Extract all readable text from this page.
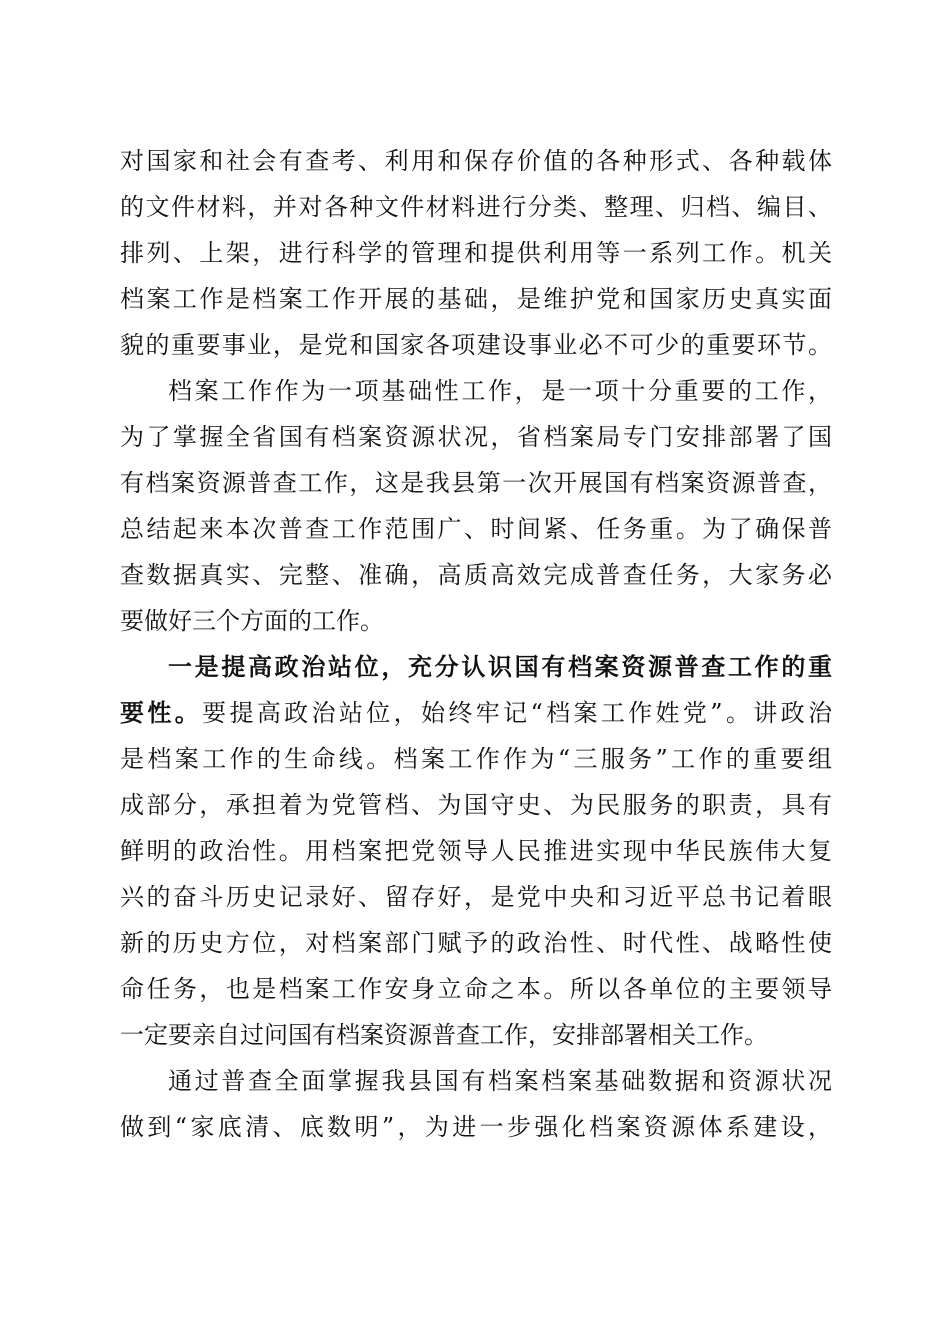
对国家和社会有查考、利用和保存价值的各种形式、各种载体
的文件材料，并对各种文件材料进行分类、整理、归档、编目、
排列、上架，进行科学的管理和提供利用等一系列工作。机关
档案工作是档案工作开展的基础，是维护党和国家历史真实面
貌的重要事业，是党和国家各项建设事业必不可少的重要环节。
档案工作作为一项基础性工作，是一项十分重要的工作，
为了掌握全省国有档案资源状况，省档案局专门安排部署了国
有档案资源普查工作，这是我县第一次开展国有档案资源普查，
总结起来本次普查工作范围广、时间紧、任务重。为了确保普
查数据真实、完整、准确，高质高效完成普查任务，大家务必
要做好三个方面的工作。
一是提高政治站位，充分认识国有档案资源普查工作的重
要性。要提高政治站位，始终牢记“档案工作姓党”。讲政治
是档案工作的生命线。档案工作作为“三服务”工作的重要组
成部分，承担着为党管档、为国守史、为民服务的职责，具有
鲜明的政治性。用档案把党领导人民推进实现中华民族伟大复
兴的奋斗历史记录好、留存好，是党中央和习近平总书记着眼
新的历史方位，对档案部门赋予的政治性、时代性、战略性使
命任务，也是档案工作安身立命之本。所以各单位的主要领导
一定要亲自过问国有档案资源普查工作，安排部署相关工作。
通过普查全面掌握我县国有档案档案基础数据和资源状况
做到“家底清、底数明”，为进一步强化档案资源体系建设，
